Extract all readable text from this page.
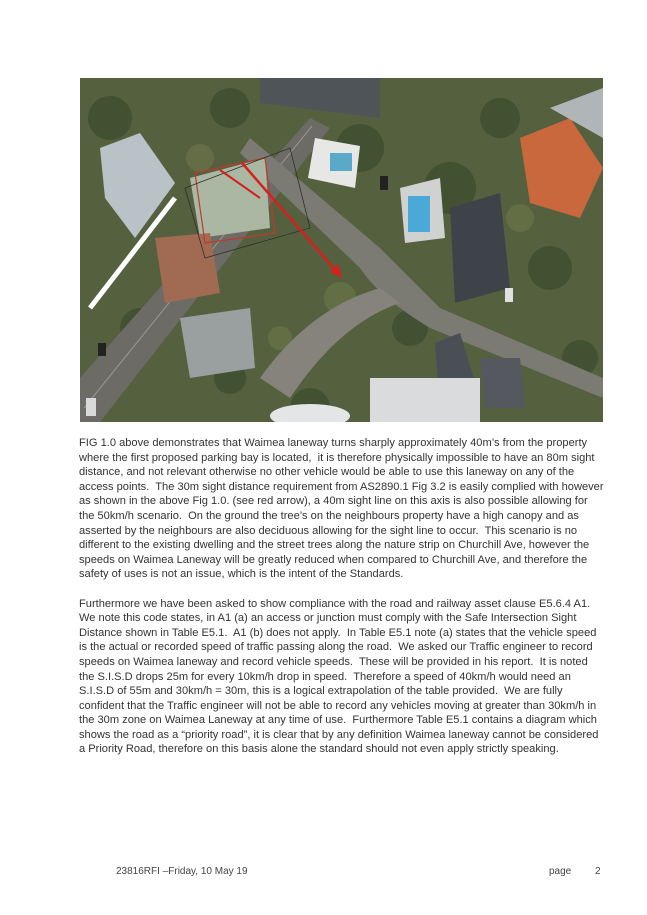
FIG 1.0 above demonstrates that Waimea laneway turns sharply approximately 40m’s from the property where the first proposed parking bay is located,  it is therefore physically impossible to have an 80m sight distance, and not relevant otherwise no other vehicle would be able to use this laneway on any of the access points.  The 30m sight distance requirement from AS2890.1 Fig 3.2 is easily complied with however as shown in the above Fig 1.0. (see red arrow), a 40m sight line on this axis is also possible allowing for the 50km/h scenario.  On the ground the tree’s on the neighbours property have a high canopy and as asserted by the neighbours are also deciduous allowing for the sight line to occur.  This scenario is no different to the existing dwelling and the street trees along the nature strip on Churchill Ave, however the speeds on Waimea Laneway will be greatly reduced when compared to Churchill Ave, and therefore the safety of uses is not an issue, which is the intent of the Standards.

Furthermore we have been asked to show compliance with the road and railway asset clause E5.6.4 A1.  We note this code states, in A1 (a) an access or junction must comply with the Safe Intersection Sight Distance shown in Table E5.1.  A1 (b) does not apply.  In Table E5.1 note (a) states that the vehicle speed is the actual or recorded speed of traffic passing along the road.  We asked our Traffic engineer to record speeds on Waimea laneway and record vehicle speeds.  These will be provided in his report.  It is noted the S.I.S.D drops 25m for every 10km/h drop in speed.  Therefore a speed of 40km/h would need an S.I.S.D of 55m and 30km/h = 30m, this is a logical extrapolation of the table provided.  We are fully confident that the Traffic engineer will not be able to record any vehicles moving at greater than 30km/h in the 30m zone on Waimea Laneway at any time of use.  Furthermore Table E5.1 contains a diagram which shows the road as a “priority road”, it is clear that by any definition Waimea laneway cannot be considered a Priority Road, therefore on this basis alone the standard should not even apply strictly speaking.

23816RFI –Friday, 10 May 19	page 2
